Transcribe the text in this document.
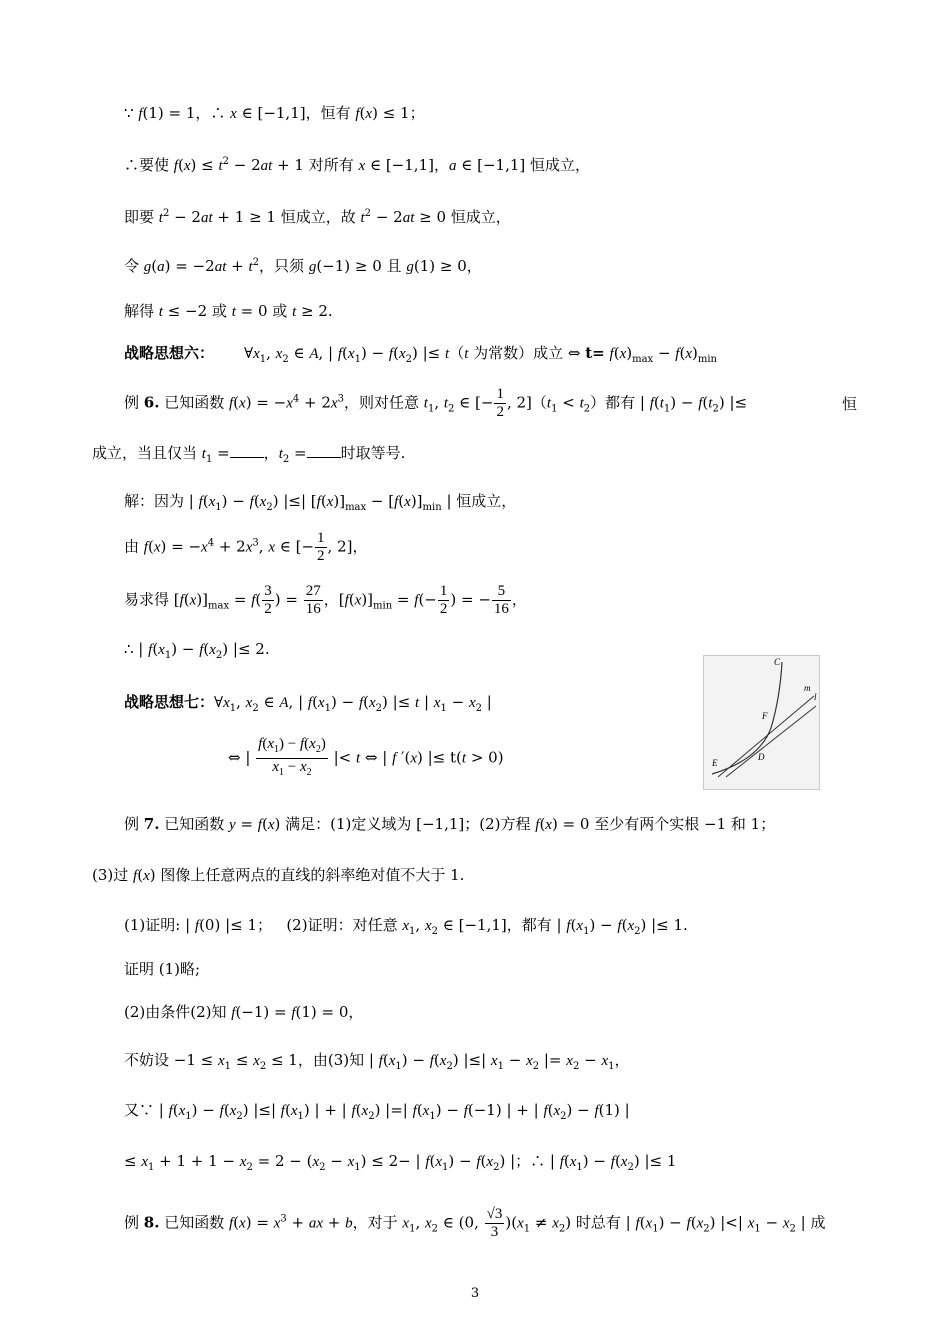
∵ f(1) = 1，∴ x ∈ [−1,1]，恒有 f(x) ≤ 1；
∴要使 $f(x) \le t^2 - 2at + 1$ 对所有 x ∈ [−1,1]，a ∈ [−1,1] 恒成立，
即要 $t^2 - 2at + 1 \ge 1$ 恒成立，故 $t^2 - 2at \ge 0$ 恒成立，
令 $g(a) = -2at + t^2$，只须 g(−1) ≥ 0 且 g(1) ≥ 0，
解得 t ≤ −2 或 t = 0 或 t ≥ 2.
战略思想六： $\forall x_1$, $x_2$ ∈ A, | $f(x_1) - f(x_2)$ |≤ t（t 为常数）成立 ⇔ $t= f(x)_{max} - f(x)_{min}$
例 6. 已知函数 $f(x) = -x^4 + 2x^3$，则对任意 $t_1$, $t_2$ ∈ [− $\frac{1}{2}$ , $2](t_1 < t_2)$都有 | $f(t_1) - f(t_2)$ |≤	恒
成立，当且仅当 $t_1$ = ，$t_2$ = 时取等号.
解：因为 | $f(x_1) - f(x_2)$ |≤| $[f(x)]_{max} - [f(x)]_{min}$ | 恒成立，
由 $f(x) = -x^4 + 2x^3$, x ∈ [− $\frac{1}{2}$ , 2]，
易求得 $[f(x)]_{max} = f( \frac{3}{2}$ ) = $\frac{27}{16}$ ，$[f(x)]_{min} = f(- \frac{1}{2}$ ) = − $\frac{5}{16}$ ，
∴ | $f(x_1) - f(x_2)$ |≤ 2.
战略思想七：$\forall x_1$, $x_2$ ∈ A, | $f(x_1) - f(x_2)$ |≤ t | $x_1 - x_2$ |
⇔ | $\frac{f(x_1) - f(x_2)}{x_1 - x_2}$ |< t ⇔ | f ′(x) |≤ t(t > 0)
C
m
l
F
E
D
例 7. 已知函数 y = f(x) 满足：(1)定义域为 [−1,1]；(2)方程 f(x) = 0 至少有两个实根 −1 和 1；
(3)过 f(x) 图像上任意两点的直线的斜率绝对值不大于 1.
(1)证明: | f(0) |≤ 1；   (2)证明：对任意 $x_1$, $x_2$ ∈ [−1,1]，都有 | $f(x_1) - f(x_2)$ |≤ 1.
证明 (1)略;
(2)由条件(2)知 f(−1) = f(1) = 0，
不妨设 $-1 \le x_1 \le x_2 \le 1$，由(3)知 | $f(x_1) - f(x_2)$ |≤| $x_1 - x_2$ |= $x_2 - x_1$，
又∵ | $f(x_1) - f(x_2)$ |≤| $f(x_1)$ | + | $f(x_2)$ |=| $f(x_1) - f(-1)$ | + | $f(x_2) - f(1)$ |
≤ $x_1 + 1 + 1 - x_2 = 2 - (x_2 - x_1) \le 2-$ | $f(x_1) - f(x_2)$ |；∴ | $f(x_1) - f(x_2)$ |≤ 1
例 8. 已知函数 $f(x) = x^3$ + ax + b，对于 $x_1$, $x_2$ ∈ (0, $\frac{√3}{3} )(x_1 \ne x_2)$ 时总有 | $f(x_1) - f(x_2)$ |<| $x_1 - x_2$ | 成
3
